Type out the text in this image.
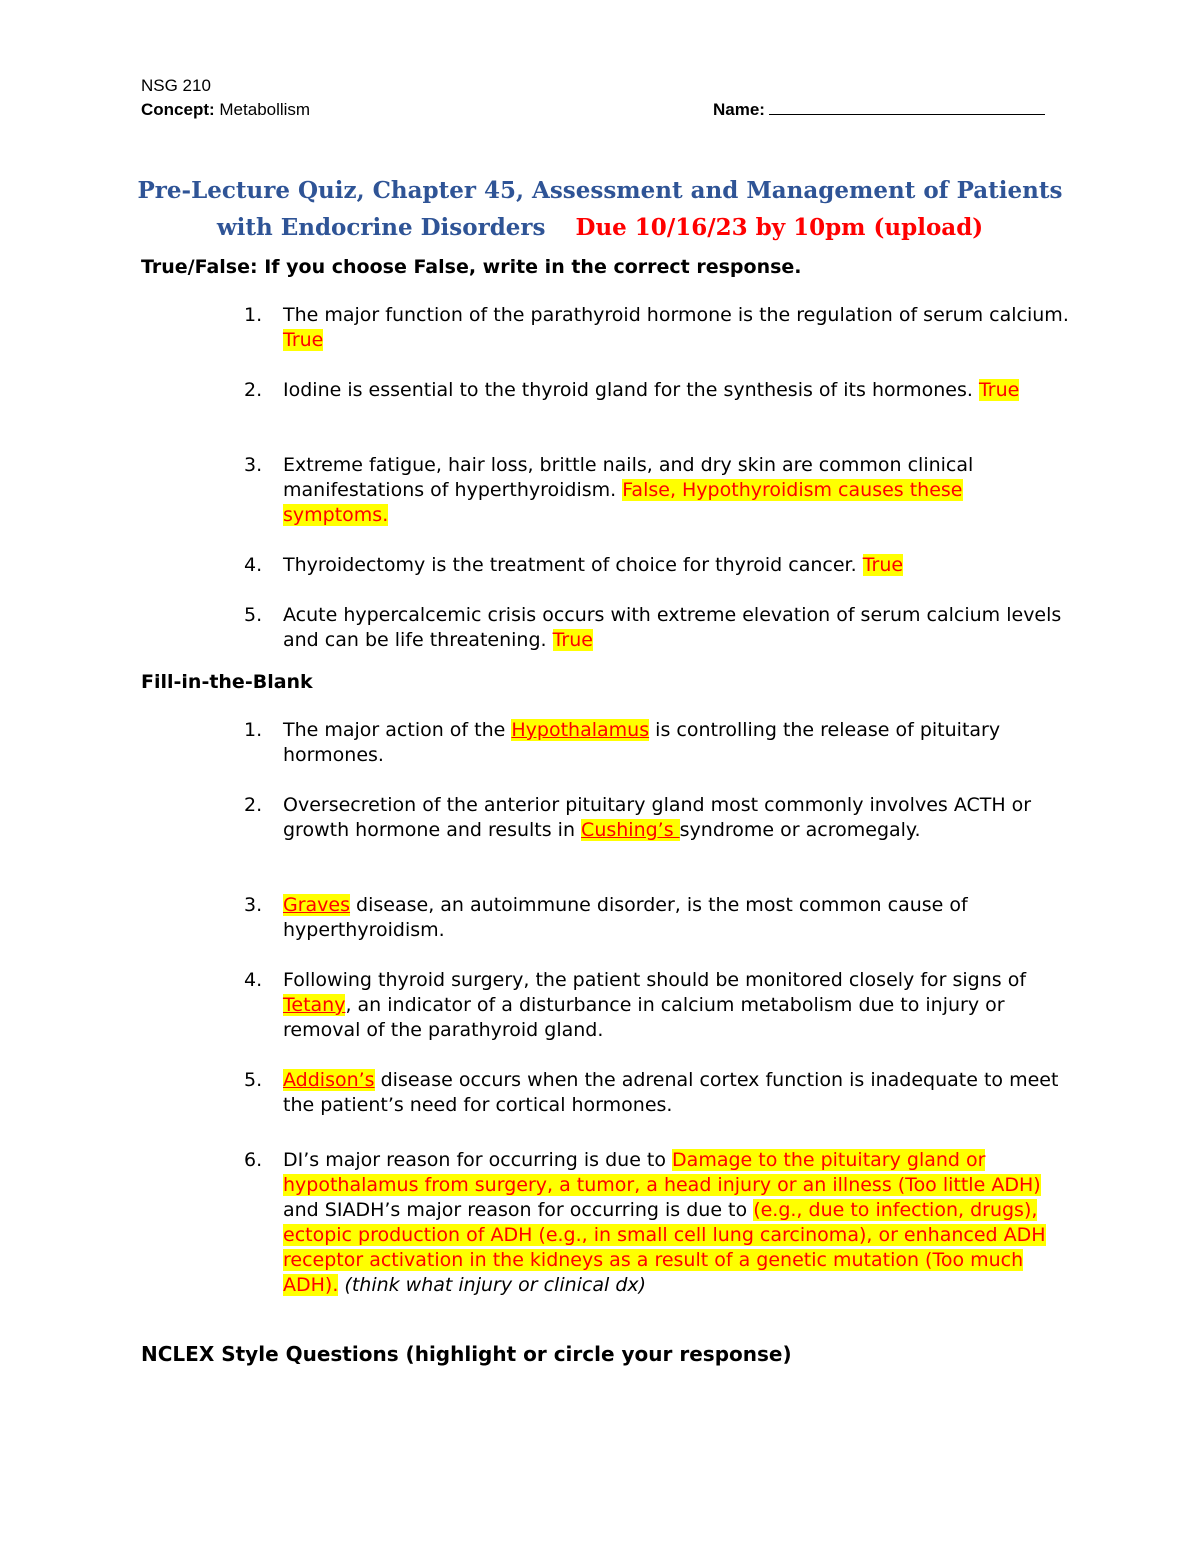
NSG 210
Concept: Metabollism	Name:
Pre-Lecture Quiz, Chapter 45, Assessment and Management of Patients
with Endocrine Disorders Due 10/16/23 by 10pm (upload)
True/False: If you choose False, write in the correct response.
1. The major function of the parathyroid hormone is the regulation of serum calcium. True
2. Iodine is essential to the thyroid gland for the synthesis of its hormones. True
3. Extreme fatigue, hair loss, brittle nails, and dry skin are common clinical manifestations of hyperthyroidism. False, Hypothyroidism causes these symptoms.
4. Thyroidectomy is the treatment of choice for thyroid cancer. True
5. Acute hypercalcemic crisis occurs with extreme elevation of serum calcium levels and can be life threatening. True
Fill-in-the-Blank
1. The major action of the Hypothalamus is controlling the release of pituitary hormones.
2. Oversecretion of the anterior pituitary gland most commonly involves ACTH or growth hormone and results in Cushing’s syndrome or acromegaly.
3. Graves disease, an autoimmune disorder, is the most common cause of hyperthyroidism.
4. Following thyroid surgery, the patient should be monitored closely for signs of Tetany, an indicator of a disturbance in calcium metabolism due to injury or removal of the parathyroid gland.
5. Addison’s disease occurs when the adrenal cortex function is inadequate to meet the patient’s need for cortical hormones.
6. DI’s major reason for occurring is due to Damage to the pituitary gland or hypothalamus from surgery, a tumor, a head injury or an illness (Too little ADH) and SIADH’s major reason for occurring is due to (e.g., due to infection, drugs), ectopic production of ADH (e.g., in small cell lung carcinoma), or enhanced ADH receptor activation in the kidneys as a result of a genetic mutation (Too much ADH). (think what injury or clinical dx)
NCLEX Style Questions (highlight or circle your response)
